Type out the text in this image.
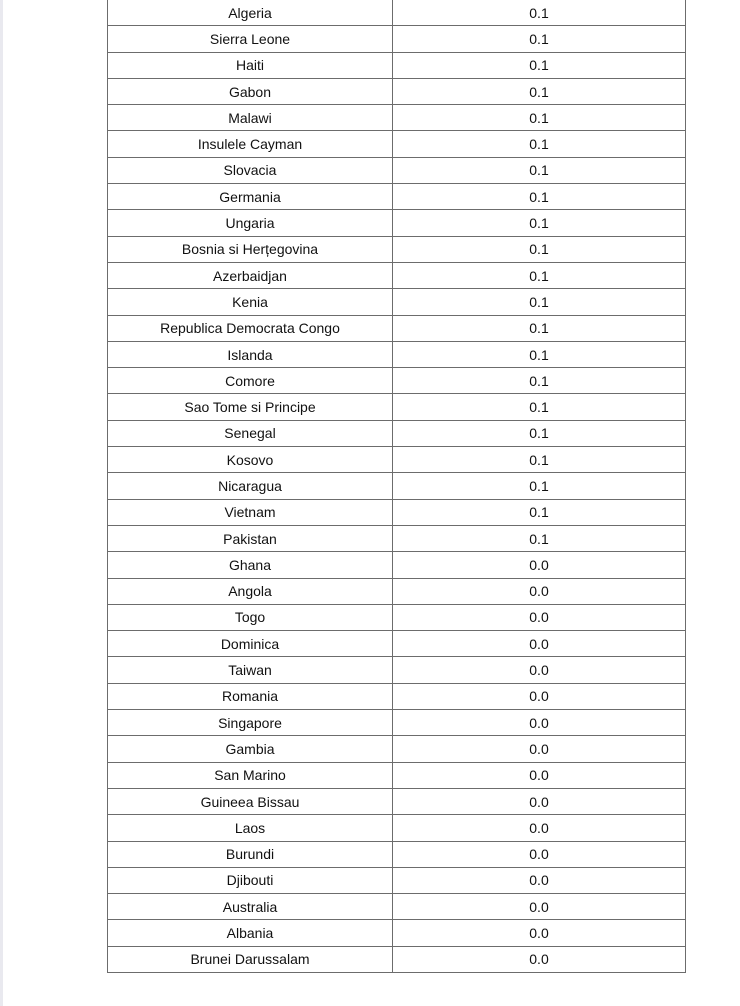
Algeria	0.1
Sierra Leone	0.1
Haiti	0.1
Gabon	0.1
Malawi	0.1
Insulele Cayman	0.1
Slovacia	0.1
Germania	0.1
Ungaria	0.1
Bosnia si Herțegovina	0.1
Azerbaidjan	0.1
Kenia	0.1
Republica Democrata Congo	0.1
Islanda	0.1
Comore	0.1
Sao Tome si Principe	0.1
Senegal	0.1
Kosovo	0.1
Nicaragua	0.1
Vietnam	0.1
Pakistan	0.1
Ghana	0.0
Angola	0.0
Togo	0.0
Dominica	0.0
Taiwan	0.0
Romania	0.0
Singapore	0.0
Gambia	0.0
San Marino	0.0
Guineea Bissau	0.0
Laos	0.0
Burundi	0.0
Djibouti	0.0
Australia	0.0
Albania	0.0
Brunei Darussalam	0.0
